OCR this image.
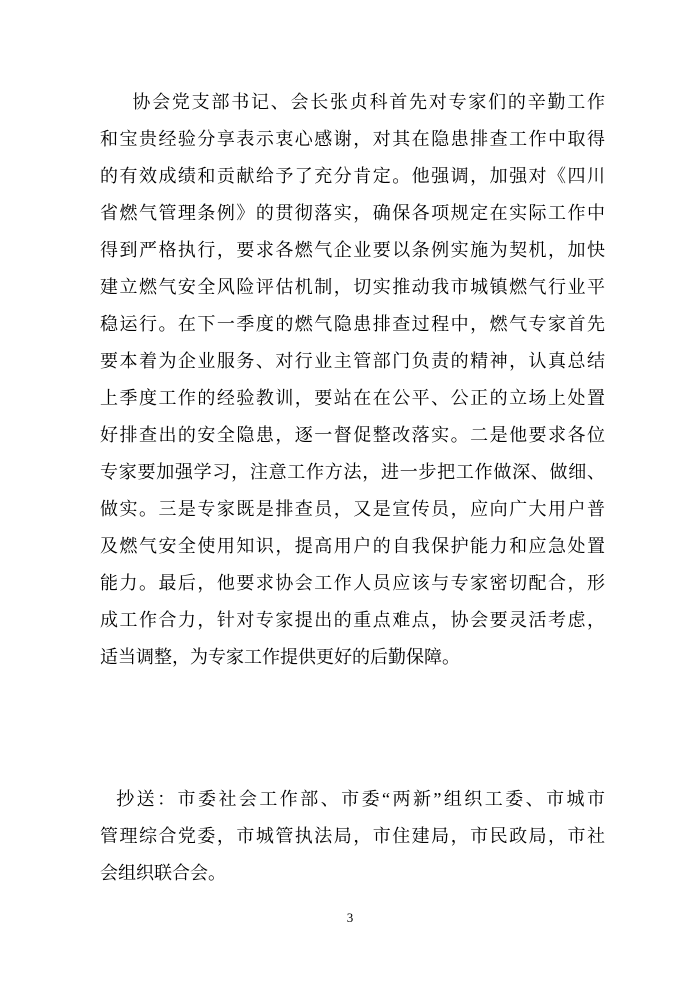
协会党支部书记、会长张贞科首先对专家们的辛勤工作
和宝贵经验分享表示衷心感谢，对其在隐患排查工作中取得
的有效成绩和贡献给予了充分肯定。他强调，加强对《四川
省燃气管理条例》的贯彻落实，确保各项规定在实际工作中
得到严格执行，要求各燃气企业要以条例实施为契机，加快
建立燃气安全风险评估机制，切实推动我市城镇燃气行业平
稳运行。在下一季度的燃气隐患排查过程中，燃气专家首先
要本着为企业服务、对行业主管部门负责的精神，认真总结
上季度工作的经验教训，要站在在公平、公正的立场上处置
好排查出的安全隐患，逐一督促整改落实。二是他要求各位
专家要加强学习，注意工作方法，进一步把工作做深、做细、
做实。三是专家既是排查员，又是宣传员，应向广大用户普
及燃气安全使用知识，提高用户的自我保护能力和应急处置
能力。最后，他要求协会工作人员应该与专家密切配合，形
成工作合力，针对专家提出的重点难点，协会要灵活考虑，
适当调整，为专家工作提供更好的后勤保障。
抄送：市委社会工作部、市委“两新”组织工委、市城市
管理综合党委，市城管执法局，市住建局，市民政局，市社
会组织联合会。
3
